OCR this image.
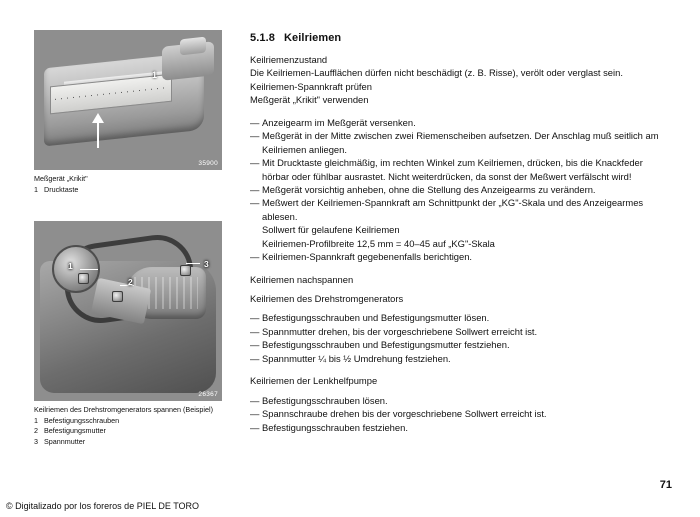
1
35900
Meßgerät „Krikit"
1 Drucktaste
1
2
3
26367
Keilriemen des Drehstromgenerators spannen (Beispiel)
1 Befestigungsschrauben
2 Befestigungsmutter
3 Spannmutter
5.1.8 Keilriemen
Keilriemenzustand
Die Keilriemen-Laufflächen dürfen nicht beschädigt (z. B. Risse), verölt oder verglast sein.
Keilriemen-Spannkraft prüfen
Meßgerät „Krikit" verwenden
— Anzeigearm im Meßgerät versenken.
— Meßgerät in der Mitte zwischen zwei Riemenscheiben aufsetzen. Der Anschlag muß seitlich am Keilriemen anliegen.
— Mit Drucktaste gleichmäßig, im rechten Winkel zum Keilriemen, drücken, bis die Knackfeder hörbar oder fühlbar ausrastet. Nicht weiterdrücken, da sonst der Meßwert verfälscht wird!
— Meßgerät vorsichtig anheben, ohne die Stellung des Anzeigearms zu verändern.
— Meßwert der Keilriemen-Spannkraft am Schnittpunkt der „KG"-Skala und des Anzeigearmes ablesen.
Sollwert für gelaufene Keilriemen
Keilriemen-Profilbreite 12,5 mm = 40–45 auf „KG"-Skala
— Keilriemen-Spannkraft gegebenenfalls berichtigen.
Keilriemen nachspannen
Keilriemen des Drehstromgenerators
— Befestigungsschrauben und Befestigungsmutter lösen.
— Spannmutter drehen, bis der vorgeschriebene Sollwert erreicht ist.
— Befestigungsschrauben und Befestigungsmutter festziehen.
— Spannmutter ¼ bis ½ Umdrehung festziehen.
Keilriemen der Lenkhelfpumpe
— Befestigungsschrauben lösen.
— Spannschraube drehen bis der vorgeschriebene Sollwert erreicht ist.
— Befestigungsschrauben festziehen.
71
© Digitalizado por los foreros de PIEL DE TORO
